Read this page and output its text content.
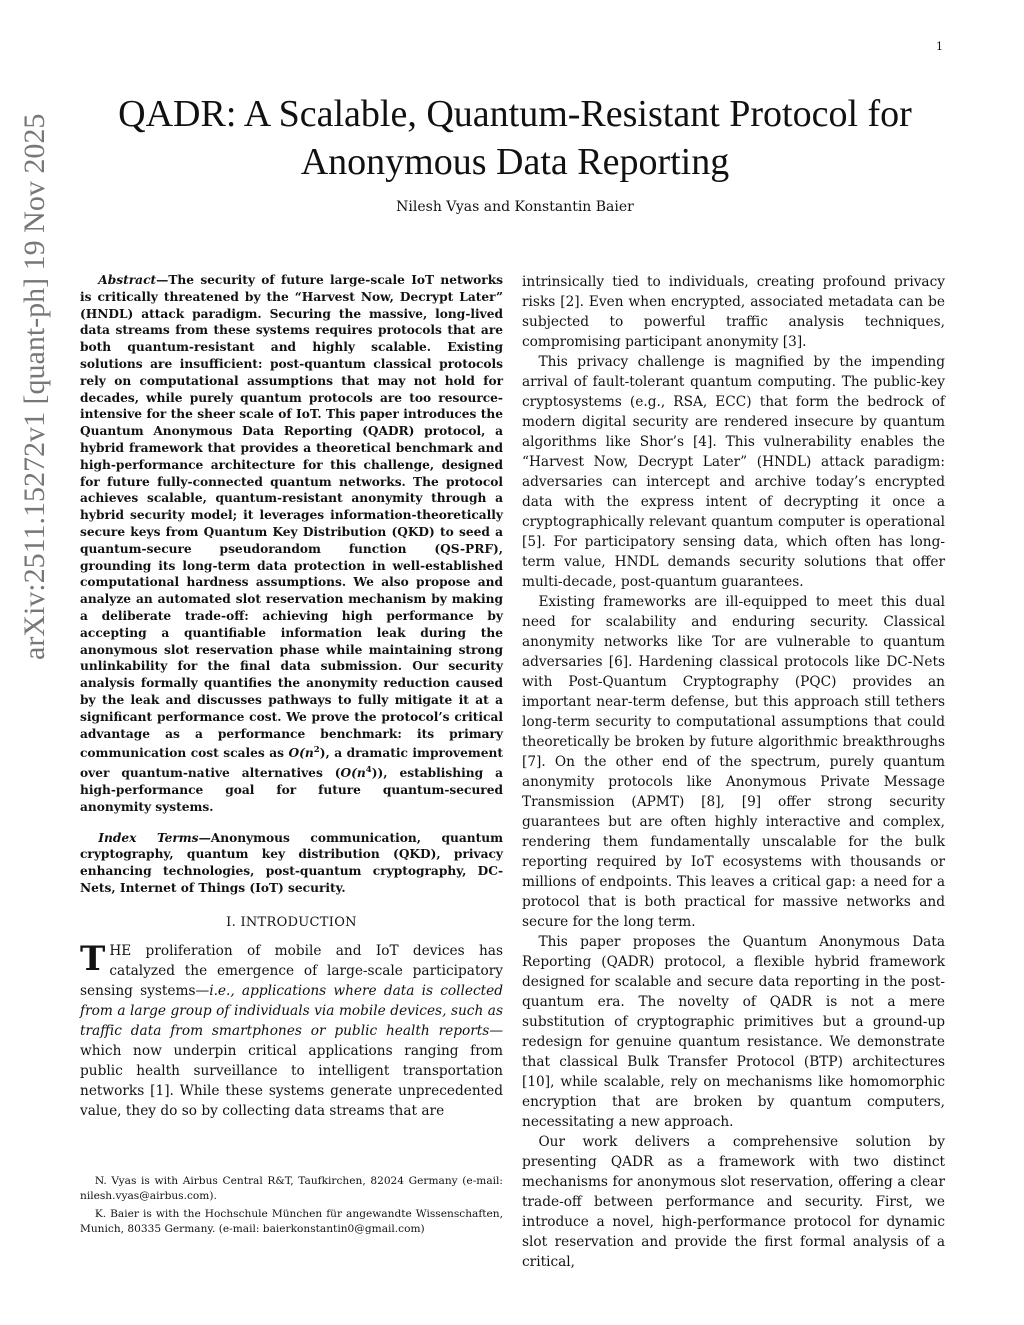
1
arXiv:2511.15272v1 [quant-ph] 19 Nov 2025	QADR: A Scalable, Quantum-Resistant Protocol for Anonymous Data Reporting
Nilesh Vyas and Konstantin Baier

Abstract—The security of future large-scale IoT networks is critically threatened by the “Harvest Now, Decrypt Later” (HNDL) attack paradigm. Securing the massive, long-lived data streams from these systems requires protocols that are both quantum-resistant and highly scalable. Existing solutions are insufficient: post-quantum classical protocols rely on computational assumptions that may not hold for decades, while purely quantum protocols are too resource-intensive for the sheer scale of IoT. This paper introduces the Quantum Anonymous Data Reporting (QADR) protocol, a hybrid framework that provides a theoretical benchmark and high-performance architecture for this challenge, designed for future fully-connected quantum networks. The protocol achieves scalable, quantum-resistant anonymity through a hybrid security model; it leverages information-theoretically secure keys from Quantum Key Distribution (QKD) to seed a quantum-secure pseudorandom function (QS-PRF), grounding its long-term data protection in well-established computational hardness assumptions. We also propose and analyze an automated slot reservation mechanism by making a deliberate trade-off: achieving high performance by accepting a quantifiable information leak during the anonymous slot reservation phase while maintaining strong unlinkability for the final data submission. Our security analysis formally quantifies the anonymity reduction caused by the leak and discusses pathways to fully mitigate it at a significant performance cost. We prove the protocol’s critical advantage as a performance benchmark: its primary communication cost scales as $O(n^2)$, a dramatic improvement over quantum-native alternatives $(O(n^4))$, establishing a high-performance goal for future quantum-secured anonymity systems.

Index Terms—Anonymous communication, quantum cryptography, quantum key distribution (QKD), privacy enhancing technologies, post-quantum cryptography, DC-Nets, Internet of Things (IoT) security.

I. INTRODUCTION

THE proliferation of mobile and IoT devices has catalyzed the emergence of large-scale participatory sensing systems—i.e., applications where data is collected from a large group of individuals via mobile devices, such as traffic data from smartphones or public health reports— which now underpin critical applications ranging from public health surveillance to intelligent transportation networks [1]. While these systems generate unprecedented value, they do so by collecting data streams that are

N. Vyas is with Airbus Central R&T, Taufkirchen, 82024 Germany (e-mail: nilesh.vyas@airbus.com).

K. Baier is with the Hochschule München für angewandte Wissenschaften, Munich, 80335 Germany. (e-mail: baierkonstantin0@gmail.com)

intrinsically tied to individuals, creating profound privacy risks [2]. Even when encrypted, associated metadata can be subjected to powerful traffic analysis techniques, compromising participant anonymity [3].

This privacy challenge is magnified by the impending arrival of fault-tolerant quantum computing. The public-key cryptosystems (e.g., RSA, ECC) that form the bedrock of modern digital security are rendered insecure by quantum algorithms like Shor’s [4]. This vulnerability enables the “Harvest Now, Decrypt Later” (HNDL) attack paradigm: adversaries can intercept and archive today’s encrypted data with the express intent of decrypting it once a cryptographically relevant quantum computer is operational [5]. For participatory sensing data, which often has long-term value, HNDL demands security solutions that offer multi-decade, post-quantum guarantees.

Existing frameworks are ill-equipped to meet this dual need for scalability and enduring security. Classical anonymity networks like Tor are vulnerable to quantum adversaries [6]. Hardening classical protocols like DC-Nets with Post-Quantum Cryptography (PQC) provides an important near-term defense, but this approach still tethers long-term security to computational assumptions that could theoretically be broken by future algorithmic breakthroughs [7]. On the other end of the spectrum, purely quantum anonymity protocols like Anonymous Private Message Transmission (APMT) [8], [9] offer strong security guarantees but are often highly interactive and complex, rendering them fundamentally unscalable for the bulk reporting required by IoT ecosystems with thousands or millions of endpoints. This leaves a critical gap: a need for a protocol that is both practical for massive networks and secure for the long term.

This paper proposes the Quantum Anonymous Data Reporting (QADR) protocol, a flexible hybrid framework designed for scalable and secure data reporting in the post-quantum era. The novelty of QADR is not a mere substitution of cryptographic primitives but a ground-up redesign for genuine quantum resistance. We demonstrate that classical Bulk Transfer Protocol (BTP) architectures [10], while scalable, rely on mechanisms like homomorphic encryption that are broken by quantum computers, necessitating a new approach.

Our work delivers a comprehensive solution by presenting QADR as a framework with two distinct mechanisms for anonymous slot reservation, offering a clear trade-off between performance and security. First, we introduce a novel, high-performance protocol for dynamic slot reservation and provide the first formal analysis of a critical,
